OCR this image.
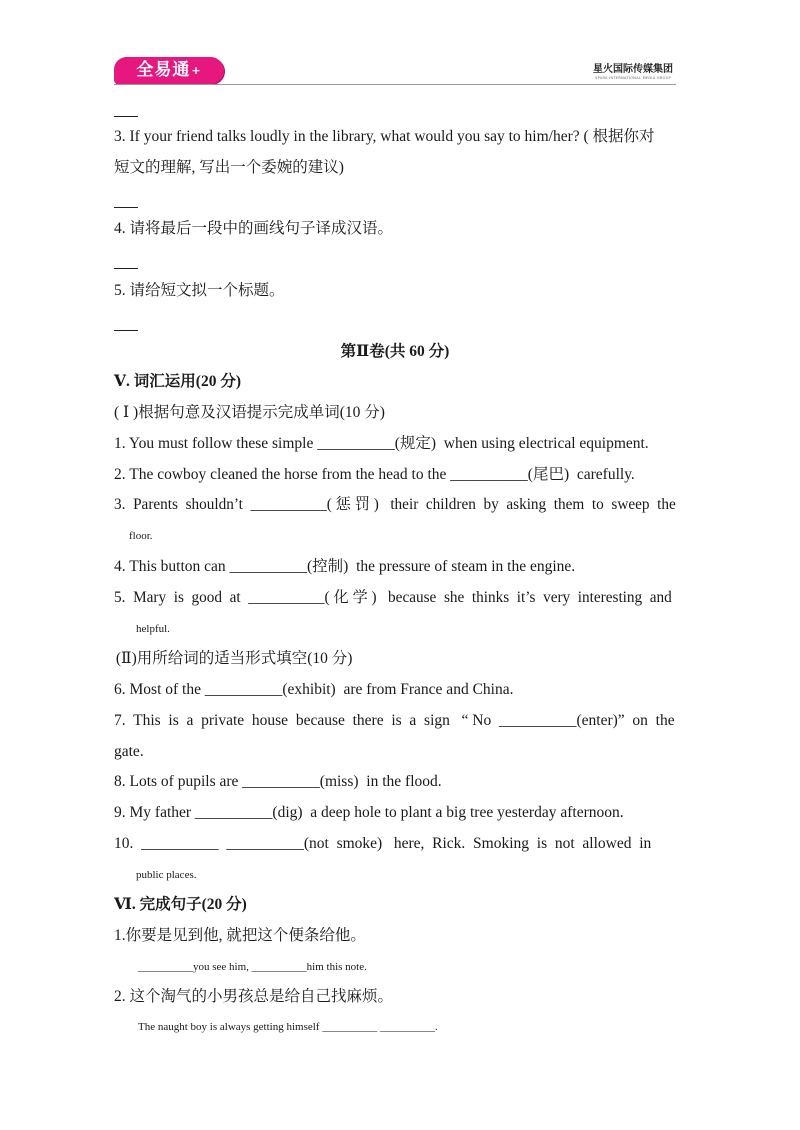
全易通+	星火国际传媒集团
SPARK INTERNATIONAL MEDIA GROUP
3. If your friend talks loudly in the library, what would you say to him/her? ( 根据你对
短文的理解, 写出一个委婉的建议)
4. 请将最后一段中的画线句子译成汉语。
5. 请给短文拟一个标题。
第Ⅱ卷(共 60 分)
Ⅴ. 词汇运用(20 分)
( Ⅰ )根据句意及汉语提示完成单词(10 分)
1. You must follow these simple __________(规定)  when using electrical equipment.
2. The cowboy cleaned the horse from the head to the __________(尾巴)  carefully.
3.  Parents  shouldn’t  __________( 惩 罚 )   their  children  by  asking  them  to  sweep  the
floor.
4. This button can __________(控制)  the pressure of steam in the engine.
5.  Mary  is  good  at  __________( 化 学 )   because  she  thinks  it’s  very  interesting  and
helpful.
(Ⅱ)用所给词的适当形式填空(10 分)
6. Most of the __________(exhibit)  are from France and China.
7.  This  is  a  private  house  because  there  is  a  sign   “ No  __________(enter)”  on  the
gate.
8. Lots of pupils are __________(miss)  in the flood.
9. My father __________(dig)  a deep hole to plant a big tree yesterday afternoon.
10.  __________  __________(not  smoke)   here,  Rick.  Smoking  is  not  allowed  in
public places.
Ⅵ. 完成句子(20 分)
1.你要是见到他, 就把这个便条给他。
__________you see him, __________him this note.
2. 这个淘气的小男孩总是给自己找麻烦。
The naught boy is always getting himself __________ __________.
